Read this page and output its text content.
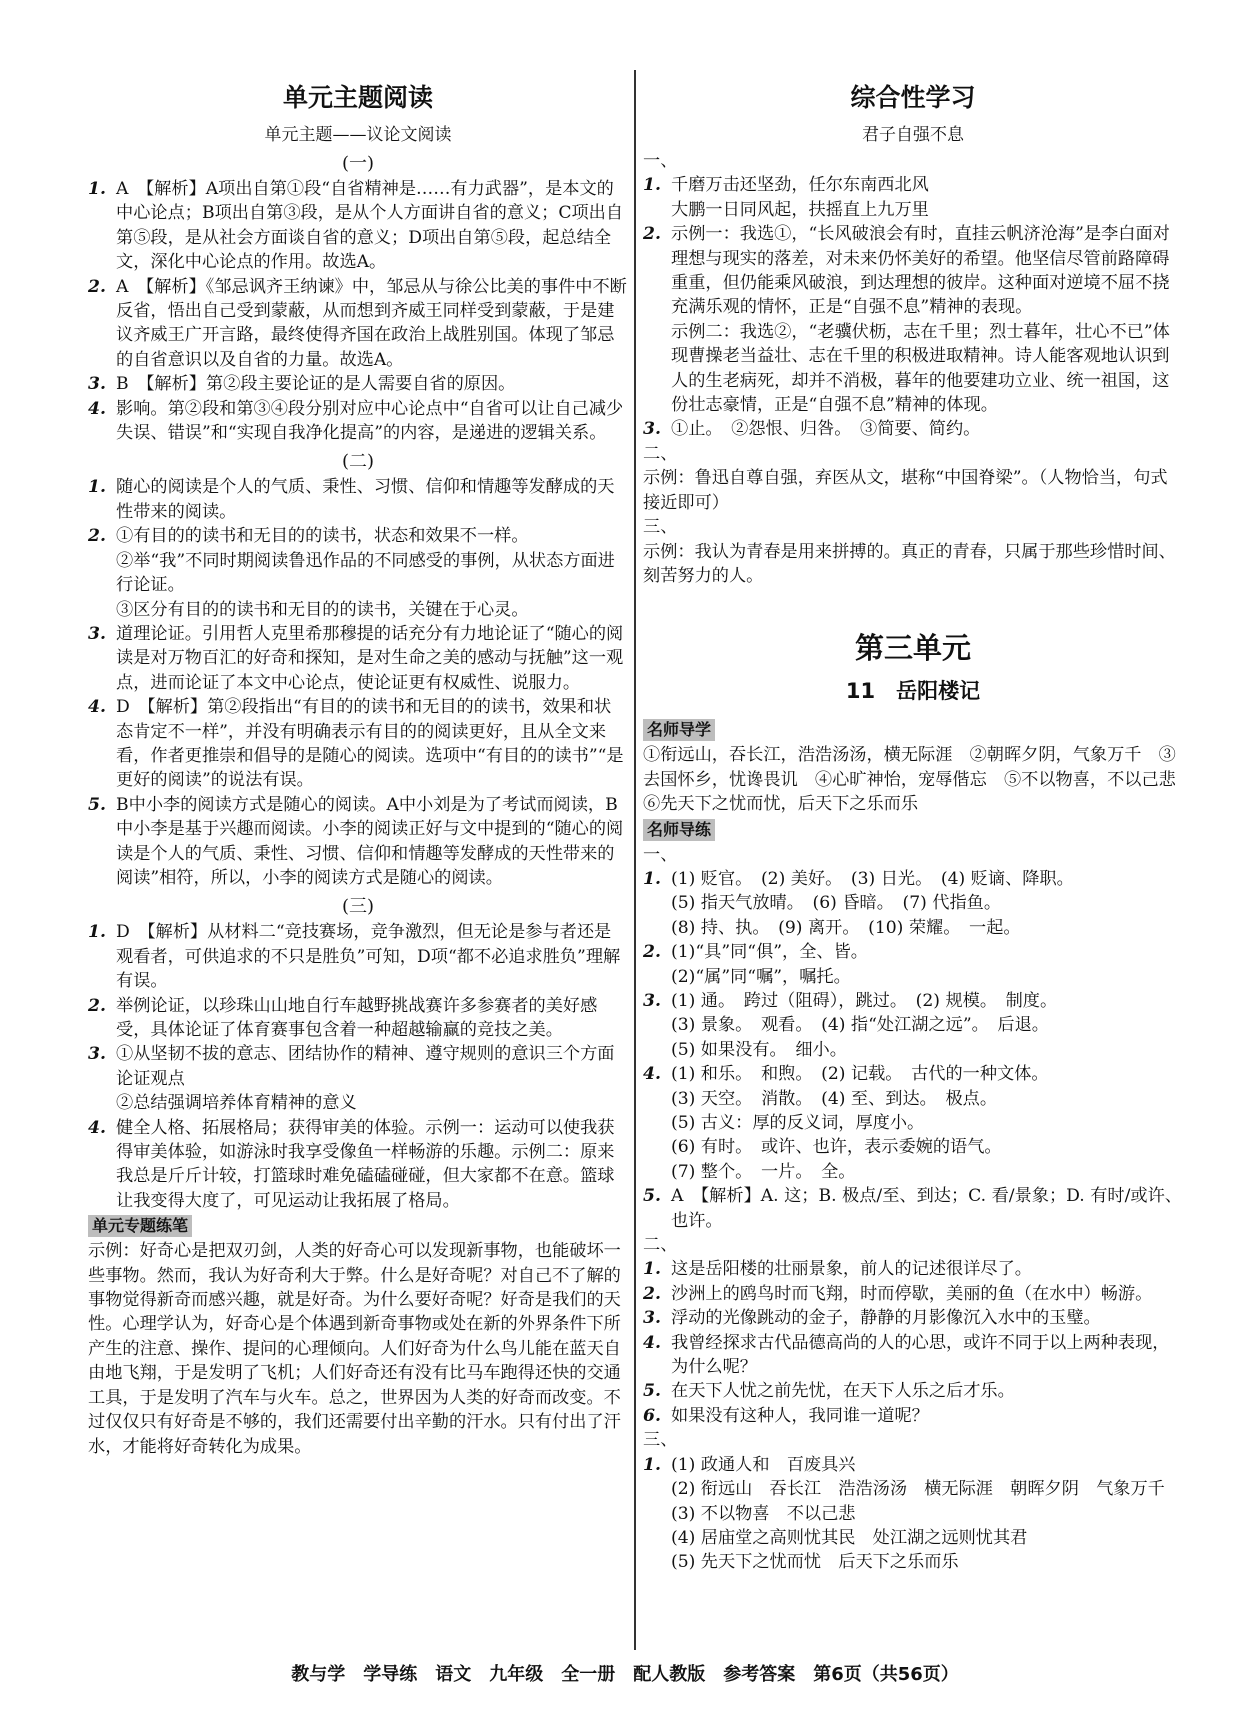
单元主题阅读
单元主题——议论文阅读
(一)
1. A　【解析】A项出自第①段“自省精神是……有力武器”，是本文的中心论点；B项出自第③段，是从个人方面讲自省的意义；C项出自第⑤段，是从社会方面谈自省的意义；D项出自第⑤段，起总结全文，深化中心论点的作用。故选A。
2. A　【解析】《邹忌讽齐王纳谏》中，邹忌从与徐公比美的事件中不断反省，悟出自己受到蒙蔽，从而想到齐威王同样受到蒙蔽，于是建议齐威王广开言路，最终使得齐国在政治上战胜别国。体现了邹忌的自省意识以及自省的力量。故选A。
3. B　【解析】第②段主要论证的是人需要自省的原因。
4. 影响。第②段和第③④段分别对应中心论点中“自省可以让自己减少失误、错误”和“实现自我净化提高”的内容，是递进的逻辑关系。
(二)
1. 随心的阅读是个人的气质、秉性、习惯、信仰和情趣等发酵成的天性带来的阅读。
2. ①有目的的读书和无目的的读书，状态和效果不一样。
②举“我”不同时期阅读鲁迅作品的不同感受的事例，从状态方面进行论证。
③区分有目的的读书和无目的的读书，关键在于心灵。
3. 道理论证。引用哲人克里希那穆提的话充分有力地论证了“随心的阅读是对万物百汇的好奇和探知，是对生命之美的感动与抚触”这一观点，进而论证了本文中心论点，使论证更有权威性、说服力。
4. D　【解析】第②段指出“有目的的读书和无目的的读书，效果和状态肯定不一样”，并没有明确表示有目的的阅读更好，且从全文来看，作者更推崇和倡导的是随心的阅读。选项中“有目的的读书”“是更好的阅读”的说法有误。
5. B中小李的阅读方式是随心的阅读。A中小刘是为了考试而阅读，B中小李是基于兴趣而阅读。小李的阅读正好与文中提到的“随心的阅读是个人的气质、秉性、习惯、信仰和情趣等发酵成的天性带来的阅读”相符，所以，小李的阅读方式是随心的阅读。
(三)
1. D　【解析】从材料二“竞技赛场，竞争激烈，但无论是参与者还是观看者，可供追求的不只是胜负”可知，D项“都不必追求胜负”理解有误。
2. 举例论证，以珍珠山山地自行车越野挑战赛许多参赛者的美好感受，具体论证了体育赛事包含着一种超越输赢的竞技之美。
3. ①从坚韧不拔的意志、团结协作的精神、遵守规则的意识三个方面论证观点
②总结强调培养体育精神的意义
4. 健全人格、拓展格局；获得审美的体验。示例一：运动可以使我获得审美体验，如游泳时我享受像鱼一样畅游的乐趣。示例二：原来我总是斤斤计较，打篮球时难免磕磕碰碰，但大家都不在意。篮球让我变得大度了，可见运动让我拓展了格局。
单元专题练笔

示例：好奇心是把双刃剑，人类的好奇心可以发现新事物，也能破坏一些事物。然而，我认为好奇利大于弊。什么是好奇呢？对自己不了解的事物觉得新奇而感兴趣，就是好奇。为什么要好奇呢？好奇是我们的天性。心理学认为，好奇心是个体遇到新奇事物或处在新的外界条件下所产生的注意、操作、提问的心理倾向。人们好奇为什么鸟儿能在蓝天自由地飞翔，于是发明了飞机；人们好奇还有没有比马车跑得还快的交通工具，于是发明了汽车与火车。总之，世界因为人类的好奇而改变。不过仅仅只有好奇是不够的，我们还需要付出辛勤的汗水。只有付出了汗水，才能将好奇转化为成果。

综合性学习
君子自强不息

一、

1. 千磨万击还坚劲，任尔东南西北风
大鹏一日同风起，扶摇直上九万里
2. 示例一：我选①，“长风破浪会有时，直挂云帆济沧海”是李白面对理想与现实的落差，对未来仍怀美好的希望。他坚信尽管前路障碍重重，但仍能乘风破浪，到达理想的彼岸。这种面对逆境不屈不挠充满乐观的情怀，正是“自强不息”精神的表现。
示例二：我选②，“老骥伏枥，志在千里；烈士暮年，壮心不已”体现曹操老当益壮、志在千里的积极进取精神。诗人能客观地认识到人的生老病死，却并不消极，暮年的他要建功立业、统一祖国，这份壮志豪情，正是“自强不息”精神的体现。
3. ①止。　②怨恨、归咎。　③简要、简约。

二、

示例：鲁迅自尊自强，弃医从文，堪称“中国脊梁”。（人物恰当，句式接近即可）

三、

示例：我认为青春是用来拼搏的。真正的青春，只属于那些珍惜时间、刻苦努力的人。

第三单元
11　岳阳楼记
名师导学

①衔远山，吞长江，浩浩汤汤，横无际涯　②朝晖夕阴，气象万千　③去国怀乡，忧谗畏讥　④心旷神怡，宠辱偕忘　⑤不以物喜，不以己悲　⑥先天下之忧而忧，后天下之乐而乐

名师导练

一、

1. (1) 贬官。　(2) 美好。　(3) 日光。　(4) 贬谪、降职。
(5) 指天气放晴。　(6) 昏暗。　(7) 代指鱼。
(8) 持、执。　(9) 离开。　(10) 荣耀。　一起。
2. (1)“具”同“俱”，全、皆。
(2)“属”同“嘱”，嘱托。
3. (1) 通。　跨过（阻碍），跳过。　(2) 规模。　制度。
(3) 景象。　观看。　(4) 指“处江湖之远”。　后退。
(5) 如果没有。　细小。
4. (1) 和乐。　和煦。　(2) 记载。　古代的一种文体。
(3) 天空。　消散。　(4) 至、到达。　极点。
(5) 古义：厚的反义词，厚度小。
(6) 有时。　或许、也许，表示委婉的语气。
(7) 整个。　一片。　全。
5. A　【解析】A. 这；B. 极点/至、到达；C. 看/景象；D. 有时/或许、也许。

二、

1. 这是岳阳楼的壮丽景象，前人的记述很详尽了。
2. 沙洲上的鸥鸟时而飞翔，时而停歇，美丽的鱼（在水中）畅游。
3. 浮动的光像跳动的金子，静静的月影像沉入水中的玉璧。
4. 我曾经探求古代品德高尚的人的心思，或许不同于以上两种表现，为什么呢？
5. 在天下人忧之前先忧，在天下人乐之后才乐。
6. 如果没有这种人，我同谁一道呢？

三、

1. (1) 政通人和　百废具兴
(2) 衔远山　吞长江　浩浩汤汤　横无际涯　朝晖夕阴　气象万千
(3) 不以物喜　不以己悲
(4) 居庙堂之高则忧其民　处江湖之远则忧其君
(5) 先天下之忧而忧　后天下之乐而乐
教与学　学导练　语文　九年级　全一册　配人教版　参考答案　第6页（共56页）
